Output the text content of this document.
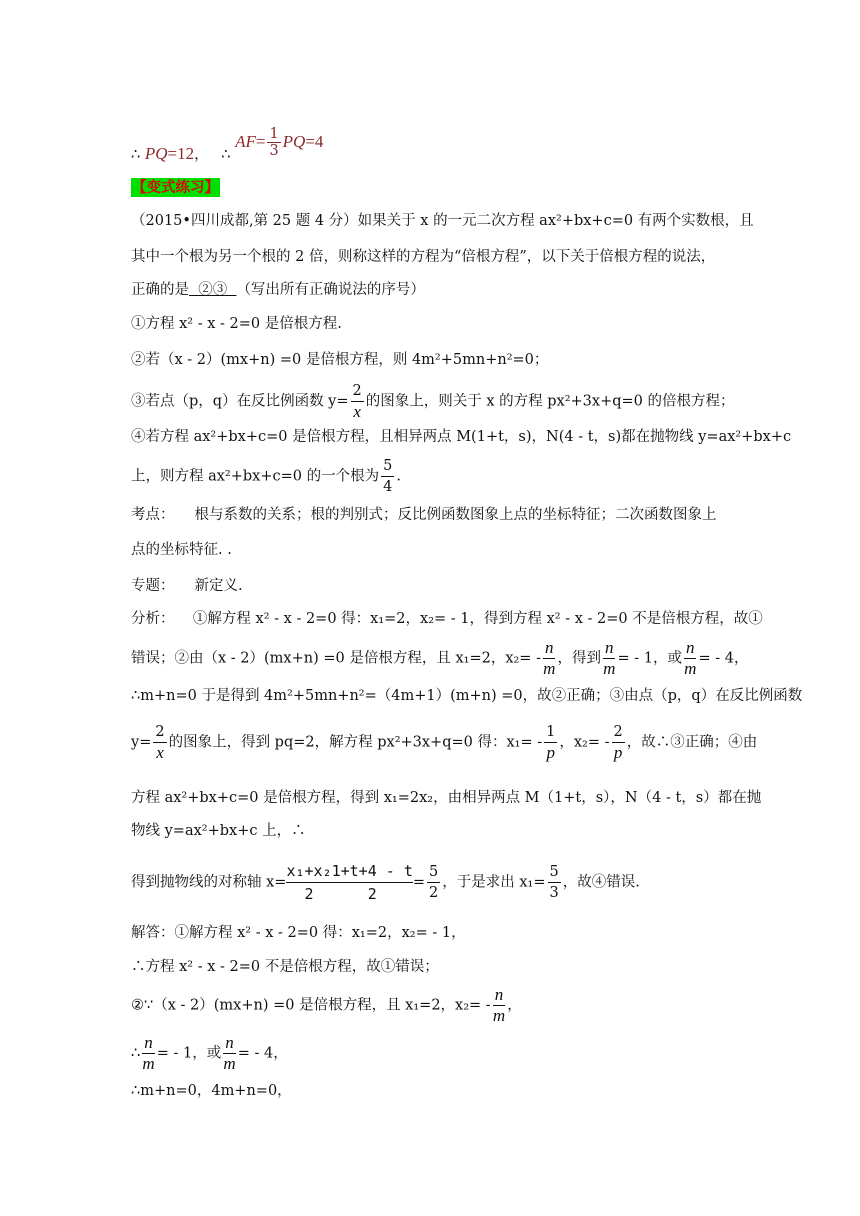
∴ PQ=12， ∴ $AF= \frac{1}{3} PQ=4$
【变式练习】
（2015•四川成都,第 25 题 4 分）如果关于 x 的一元二次方程 ax²+bx+c=0 有两个实数根，且
其中一个根为另一个根的 2 倍，则称这样的方程为“倍根方程”，以下关于倍根方程的说法，
正确的是  ②③  （写出所有正确说法的序号）
①方程 x² - x - 2=0 是倍根方程.
②若（x - 2）(mx+n) =0 是倍根方程，则 4m²+5mn+n²=0；
③若点（p，q）在反比例函数 $y= \frac{2}{x}$ 的图象上，则关于 x 的方程 px²+3x+q=0 的倍根方程；
④若方程 ax²+bx+c=0 是倍根方程，且相异两点 M(1+t，s)，N(4 - t，s)都在抛物线 y=ax²+bx+c
上，则方程 ax²+bx+c=0 的一个根为 $\frac{5}{4}$ .
考点： 根与系数的关系；根的判别式；反比例函数图象上点的坐标特征；二次函数图象上
点的坐标特征. .
专题： 新定义.
分析：    ①解方程 x² - x - 2=0 得：x₁=2，x₂= - 1，得到方程 x² - x - 2=0 不是倍根方程，故①
错误；②由（x - 2）(mx+n) =0 是倍根方程，且 x₁=2，$x_2= - \frac{n}{m}$ ，得到 $\frac{n}{m}$ = - 1，或 $\frac{n}{m}$ = - 4，
∴m+n=0 于是得到 4m²+5mn+n²=（4m+1）(m+n) =0，故②正确；③由点（p，q）在反比例函数
$y= \frac{2}{x}$ 的图象上，得到 pq=2，解方程 px²+3x+q=0 得：$x_1= - \frac{1}{p}$ ，$x_2= - \frac{2}{p}$ ，故∴③正确；④由
方程 ax²+bx+c=0 是倍根方程，得到 x₁=2x₂，由相异两点 M（1+t，s），N（4 - t，s）都在抛
物线 y=ax²+bx+c 上，∴
得到抛物线的对称轴 $x= \frac{\text{x₁+x₂}}{2} \frac{1+t+4 - t}{2} = \frac{5}{2}$ ，于是求出 $x_1= \frac{5}{3}$ ，故④错误.
解答：①解方程 x² - x - 2=0 得：x₁=2，x₂= - 1，
∴方程 x² - x - 2=0 不是倍根方程，故①错误；
②∵（x - 2）(mx+n) =0 是倍根方程，且 x₁=2，$x_2= - \frac{n}{m}$ ，
∴ $\frac{n}{m}$ = - 1，或 $\frac{n}{m}$ = - 4，
∴m+n=0，4m+n=0，
